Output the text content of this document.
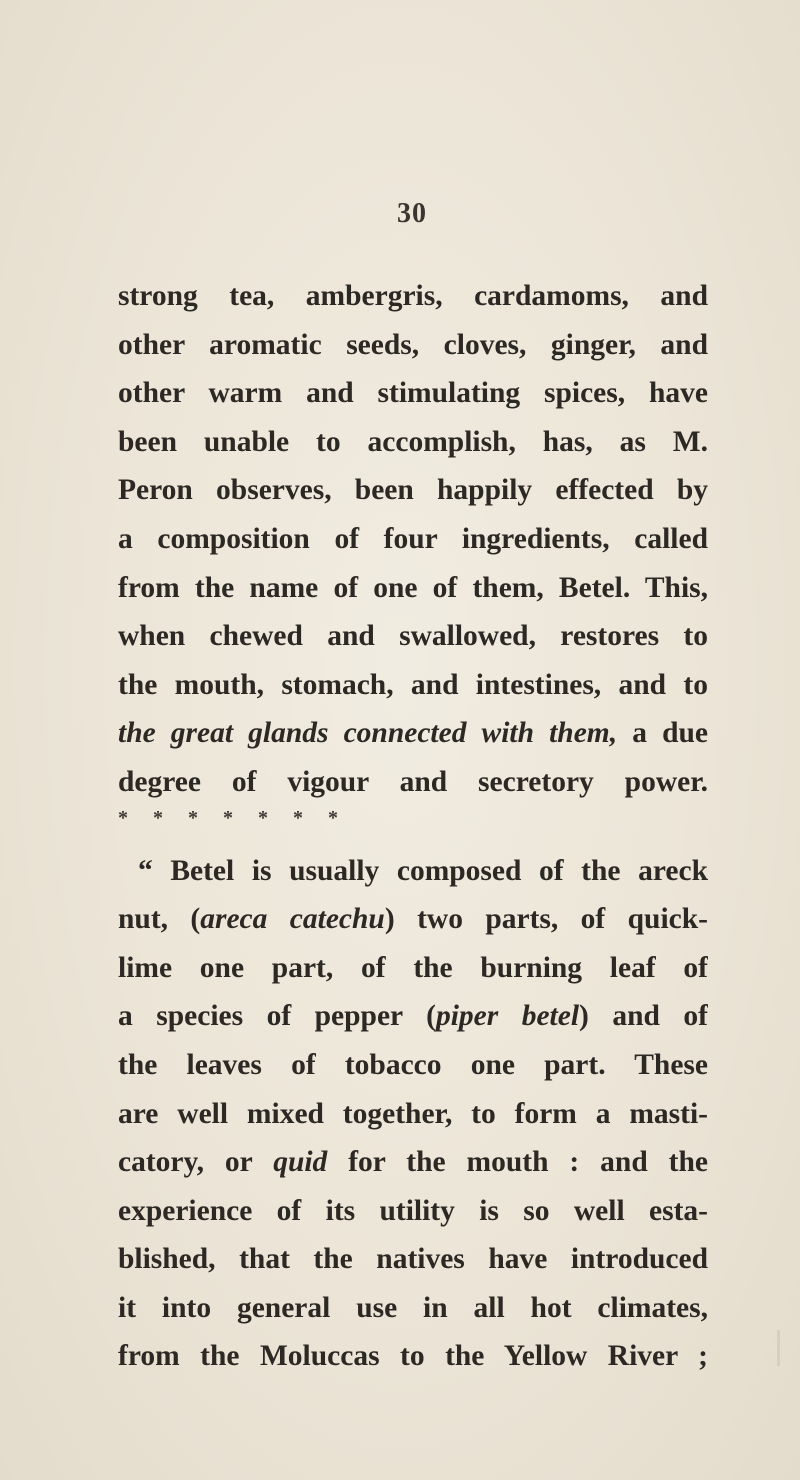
30
strong tea, ambergris, cardamoms, and
other aromatic seeds, cloves, ginger, and
other warm and stimulating spices, have
been unable to accomplish, has, as M.
Peron observes, been happily effected by
a composition of four ingredients, called
from the name of one of them, Betel. This,
when chewed and swallowed, restores to
the mouth, stomach, and intestines, and to
the great glands connected with them, a due
degree of vigour and secretory power.
* * * * * * *
“ Betel is usually composed of the areck
nut, (areca catechu) two parts, of quick-
lime one part, of the burning leaf of
a species of pepper (piper betel) and of
the leaves of tobacco one part. These
are well mixed together, to form a masti-
catory, or quid for the mouth : and the
experience of its utility is so well esta-
blished, that the natives have introduced
it into general use in all hot climates,
from the Moluccas to the Yellow River ;
